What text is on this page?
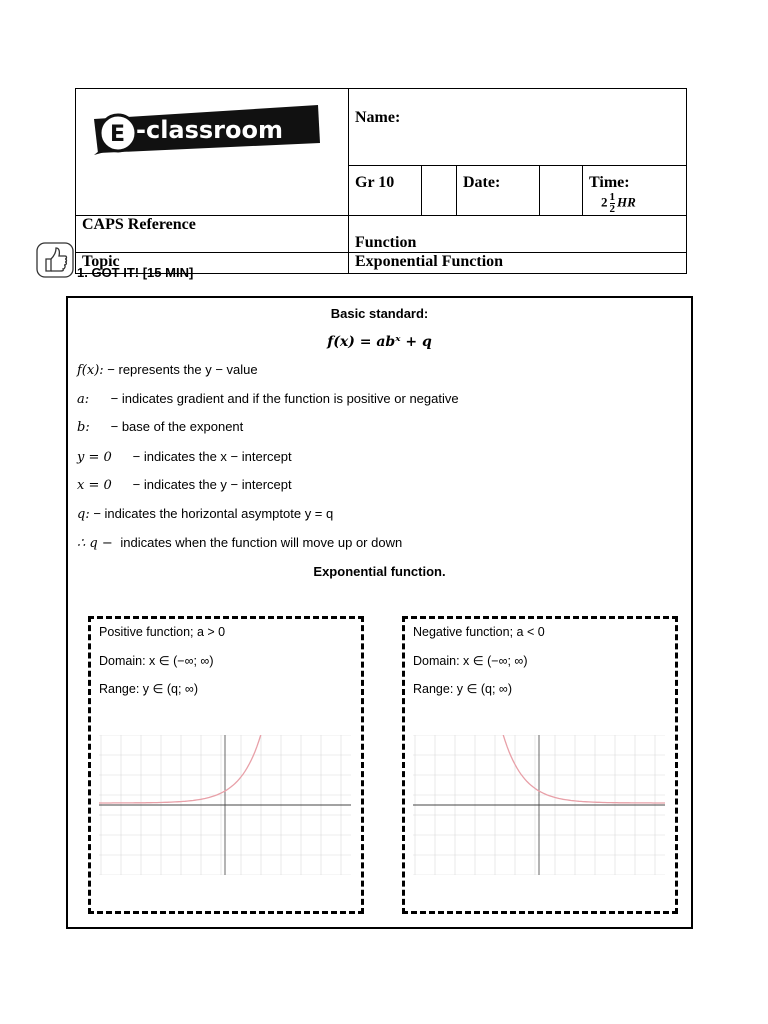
E -classroom	Name:				
	Gr 10		Date:		Time: $2 \frac{1}{2}$ HR
CAPS Reference	Function				
Topic	Exponential Function				
1. GOT IT! [15 MIN]
Basic standard:
f(x) = abˣ + q
f(x): − represents the y − value
a: − indicates gradient and if the function is positive or negative
b: − base of the exponent
y = 0 − indicates the x − intercept
x = 0 − indicates the y − intercept
q: − indicates the horizontal asymptote y = q
∴ q − indicates when the function will move up or down
Exponential function.
Positive function; a > 0
Domain: x ∈ (−∞; ∞)
Range: y ∈ (q; ∞)
Negative function; a < 0
Domain: x ∈ (−∞; ∞)
Range: y ∈ (q; ∞)
